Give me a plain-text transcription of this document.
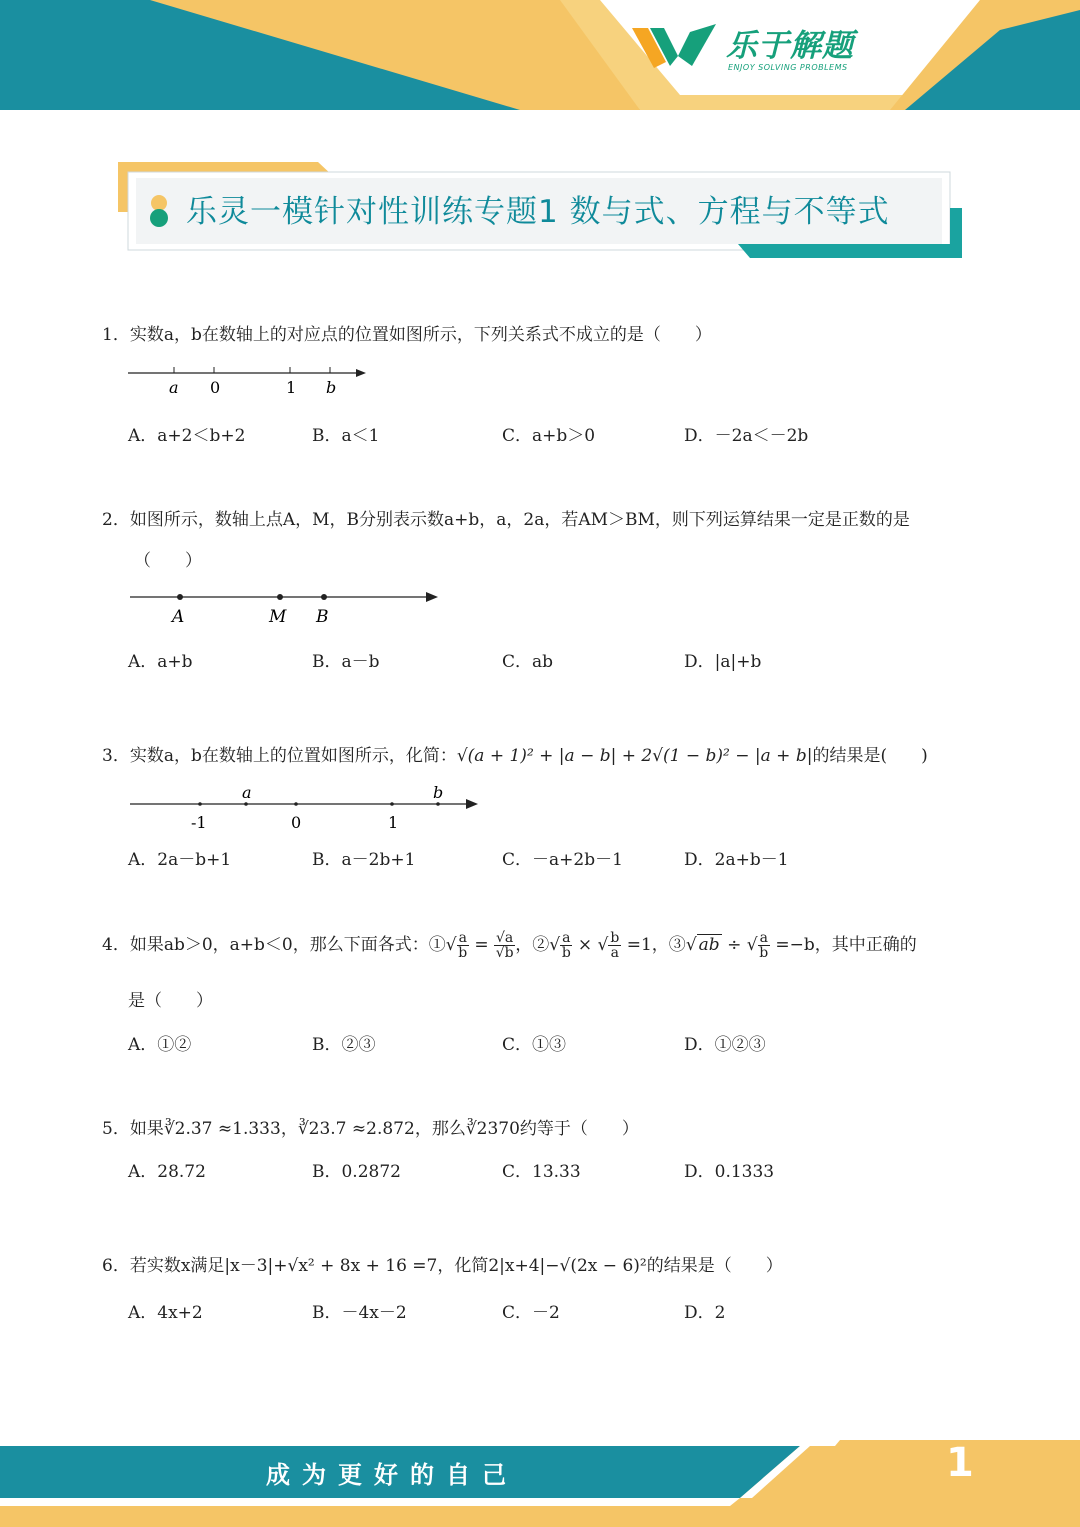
乐于解题
ENJOY SOLVING PROBLEMS
乐灵一模针对性训练专题1 数与式、方程与不等式
1．实数a，b在数轴上的对应点的位置如图所示，下列关系式不成立的是（　　）
a 0	1 b
A．a+2＜b+2	B．a＜1	C．a+b＞0	D．－2a＜－2b
2．如图所示，数轴上点A，M，B分别表示数a+b，a，2a，若AM＞BM，则下列运算结果一定是正数的是
（　　）
A	M B
A．a+b	B．a－b	C．ab	D．|a|+b
3．实数a，b在数轴上的位置如图所示，化简：√(a + 1)² + |a − b| + 2√(1 − b)² − |a + b|的结果是(　　)
a	b
-1	0	1
A．2a－b+1	B．a－2b+1	C．－a+2b－1	D．2a+b－1
4．如果ab＞0，a+b＜0，那么下面各式：①√ $\frac{a}{b} = \frac{√a}{√b}$ ，②√ $\frac{a}{b}$ × √ $\frac{b}{a} =1$，③√ ab ÷ √ $\frac{a}{b} =-b$，其中正确的
是（　　）
A．①②	B．②③	C．①③	D．①②③
5．如果∛2.37 ≈1.333，∛23.7 ≈2.872，那么∛2370约等于（　　）
A．28.72	B．0.2872	C．13.33	D．0.1333
6．若实数x满足|x－3|+√x² + 8x + 16 =7，化简2|x+4|−√(2x − 6)²的结果是（　　）
A．4x+2	B．－4x－2	C．－2	D．2
成为更好的自己	1
